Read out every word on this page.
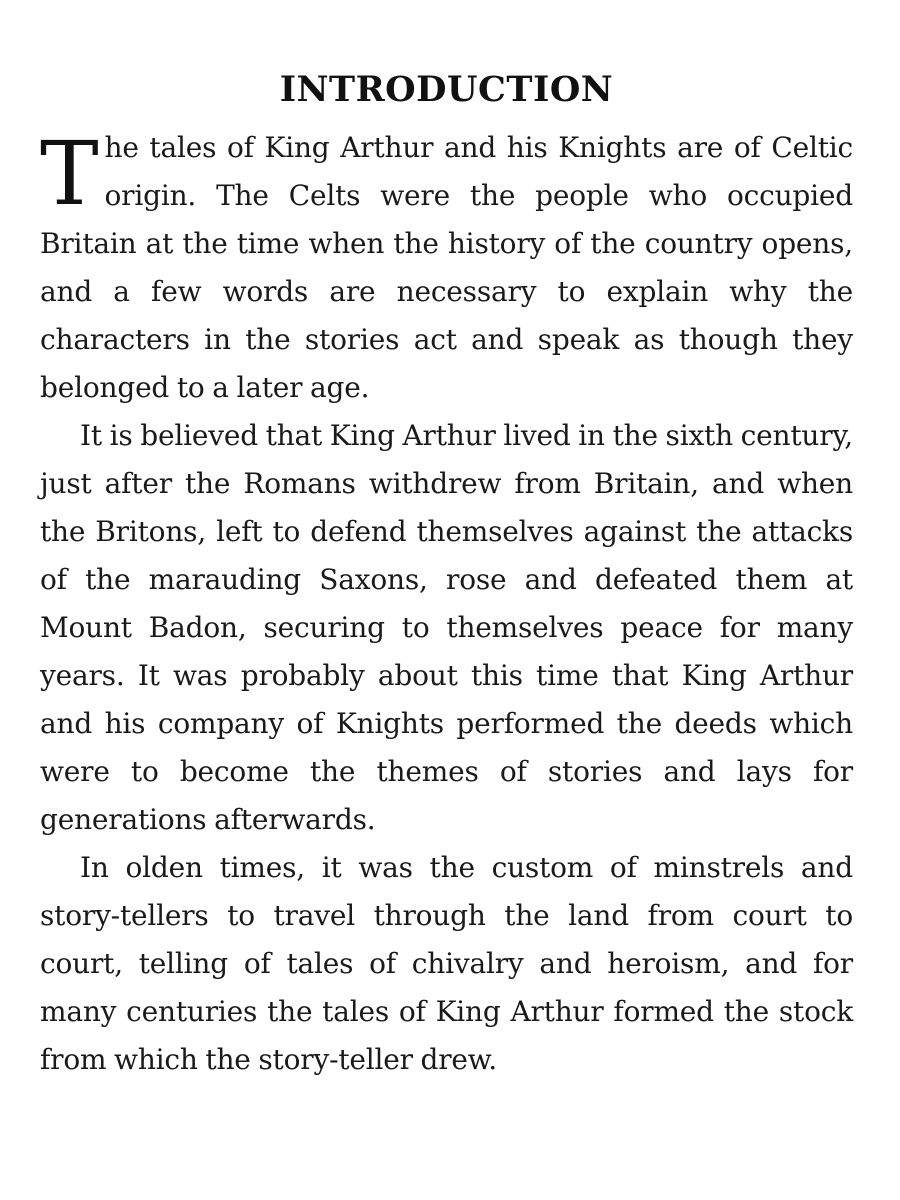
INTRODUCTION

The tales of King Arthur and his Knights are of Celtic origin. The Celts were the people who occupied Britain at the time when the history of the country opens, and a few words are necessary to explain why the characters in the stories act and speak as though they belonged to a later age.

It is believed that King Arthur lived in the sixth century, just after the Romans withdrew from Britain, and when the Britons, left to defend themselves against the attacks of the marauding Saxons, rose and defeated them at Mount Badon, securing to themselves peace for many years. It was probably about this time that King Arthur and his company of Knights performed the deeds which were to become the themes of stories and lays for generations afterwards.

In olden times, it was the custom of minstrels and story-tellers to travel through the land from court to court, telling of tales of chivalry and heroism, and for many centuries the tales of King Arthur formed the stock from which the story-teller drew.
